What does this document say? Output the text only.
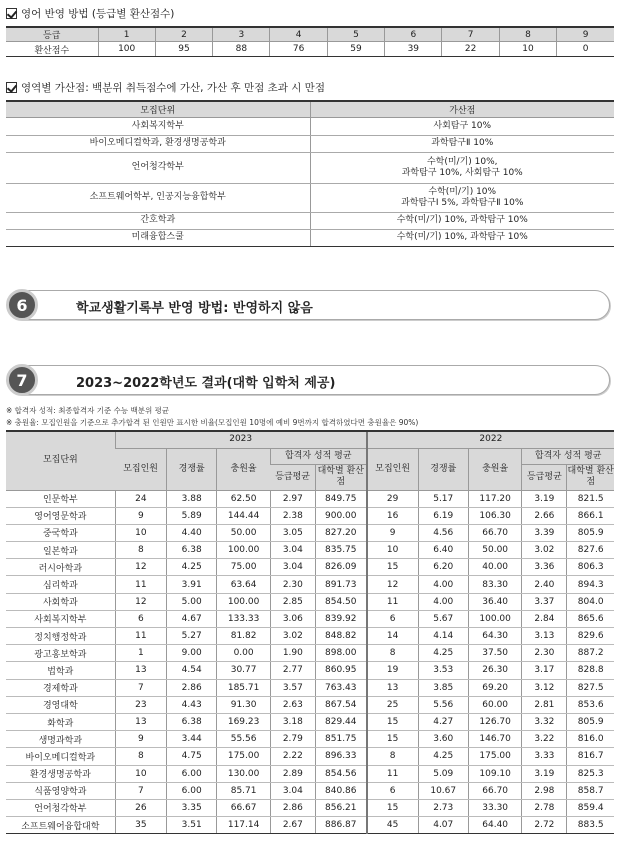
영어 반영 방법 (등급별 환산점수)
등급	1	2	3	4	5	6	7	8	9
환산점수	100	95	88	76	59	39	22	10	0
영역별 가산점: 백분위 취득점수에 가산, 가산 후 만점 초과 시 만점
모집단위	가산점
사회복지학부	사회탐구 10%
바이오메디컬학과, 환경생명공학과	과학탐구Ⅱ 10%
언어청각학부	수학(미/기) 10%,
과학탐구 10%, 사회탐구 10%

소프트웨어학부, 인공지능융합학부	수학(미/기) 10%
과학탐구Ⅰ 5%, 과학탐구Ⅱ 10%

간호학과	수학(미/기) 10%, 과학탐구 10%
미래융합스쿨	수학(미/기) 10%, 과학탐구 10%
6	학교생활기록부 반영 방법: 반영하지 않음
7	2023~2022학년도 결과(대학 입학처 제공)
※ 합격자 성적: 최종합격자 기준 수능 백분위 평균
※ 충원율: 모집인원을 기준으로 추가합격 된 인원만 표시한 비율(모집인원 10명에 예비 9번까지 합격하였다면 충원율은 90%)
모집단위	2023					2022				
	모집인원	경쟁률	충원율	합격자 성적 평균		모집인원	경쟁률	충원율	합격자 성적 평균	
				등급평균	대학별 환산점				등급평균	대학별 환산점
인문학부	24	3.88	62.50	2.97	849.75	29	5.17	117.20	3.19	821.5
영어영문학과	9	5.89	144.44	2.38	900.00	16	6.19	106.30	2.66	866.1
중국학과	10	4.40	50.00	3.05	827.20	9	4.56	66.70	3.39	805.9
일본학과	8	6.38	100.00	3.04	835.75	10	6.40	50.00	3.02	827.6
러시아학과	12	4.25	75.00	3.04	826.09	15	6.20	40.00	3.36	806.3
심리학과	11	3.91	63.64	2.30	891.73	12	4.00	83.30	2.40	894.3
사회학과	12	5.00	100.00	2.85	854.50	11	4.00	36.40	3.37	804.0
사회복지학부	6	4.67	133.33	3.06	839.92	6	5.67	100.00	2.84	865.6
정치행정학과	11	5.27	81.82	3.02	848.82	14	4.14	64.30	3.13	829.6
광고홍보학과	1	9.00	0.00	1.90	898.00	8	4.25	37.50	2.30	887.2
법학과	13	4.54	30.77	2.77	860.95	19	3.53	26.30	3.17	828.8
경제학과	7	2.86	185.71	3.57	763.43	13	3.85	69.20	3.12	827.5
경영대학	23	4.43	91.30	2.63	867.54	25	5.56	60.00	2.81	853.6
화학과	13	6.38	169.23	3.18	829.44	15	4.27	126.70	3.32	805.9
생명과학과	9	3.44	55.56	2.79	851.75	15	3.60	146.70	3.22	816.0
바이오메디컬학과	8	4.75	175.00	2.22	896.33	8	4.25	175.00	3.33	816.7
환경생명공학과	10	6.00	130.00	2.89	854.56	11	5.09	109.10	3.19	825.3
식품영양학과	7	6.00	85.71	3.04	840.86	6	10.67	66.70	2.98	858.7
언어청각학부	26	3.35	66.67	2.86	856.21	15	2.73	33.30	2.78	859.4
소프트웨어융합대학	35	3.51	117.14	2.67	886.87	45	4.07	64.40	2.72	883.5
